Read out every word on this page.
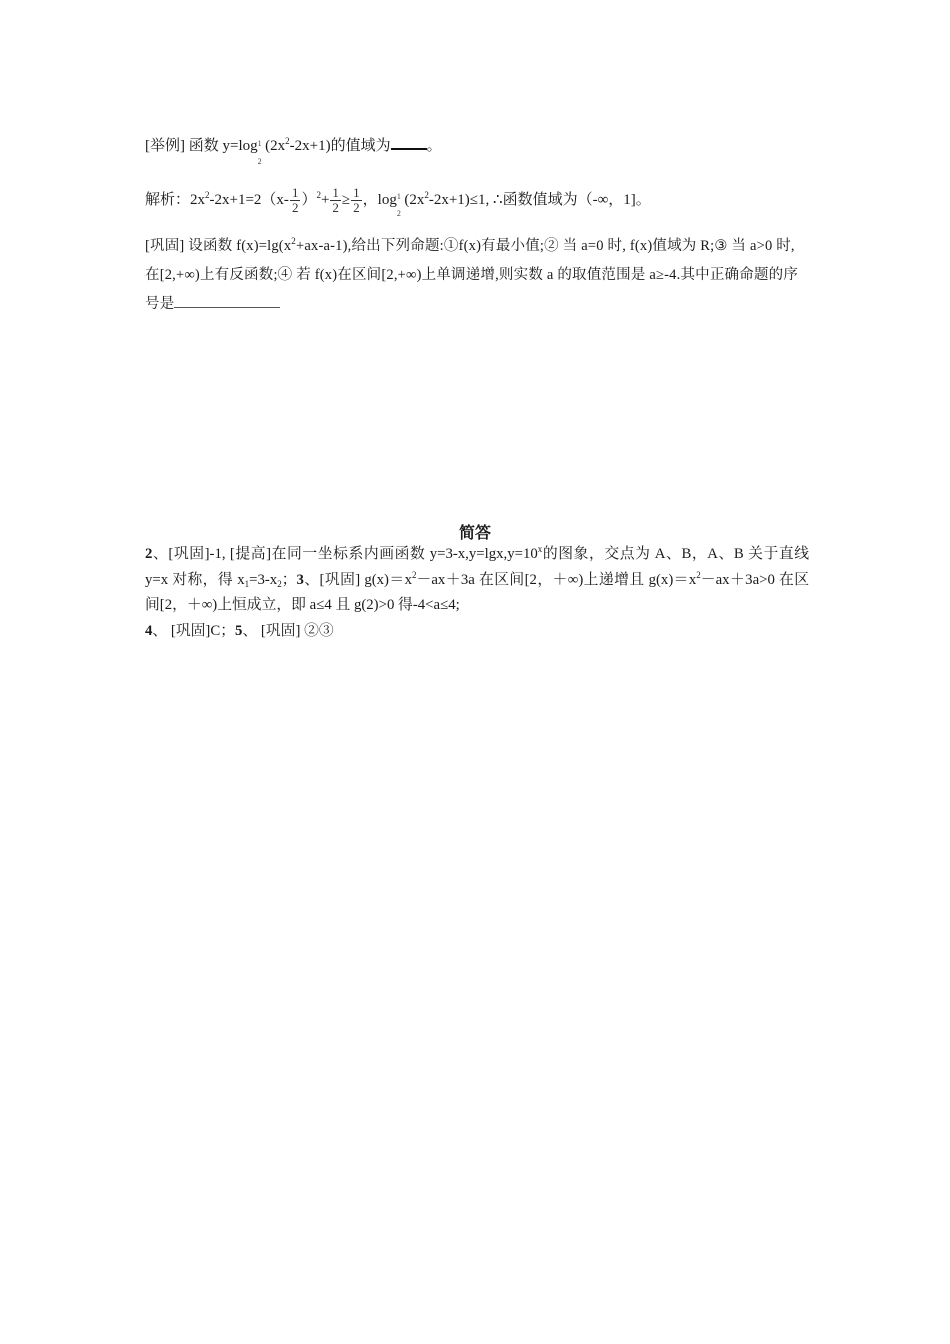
[举例] 函数 y=log 1
2
$(2x^2-2x+1)$的值域为 。
解析：$2x^2-2x+1=2(x- \frac{1}{2} )^2+ \frac{1}{2} \ge \frac{1}{2}$ ，log 1
2
$(2x^2-2x+1)\le 1$, ∴函数值域为（-∞，1]。
[巩固] 设函数 $f(x)=\lg(x^2+ax-a-1)$,给出下列命题:①f(x)有最小值;② 当 a=0 时, f(x)值域为 R;③ 当 a>0 时, 在[2,+∞)上有反函数;④ 若 f(x)在区间[2,+∞)上单调递增,则实数 a 的取值范围是 a≥-4.其中正确命题的序号是
简答
2、[巩固]-1, [提高]在同一坐标系内画函数 $y=3-x,y=\lg x,y=10^x$的图象，交点为 A、B，A、B 关于直线 y=x 对称，得 $x_1=3-x_2$；3、[巩固] $g(x)=x^2-ax+3a$ 在区间[2，＋∞)上递增且 $g(x)=x^2-ax+3a>0$ 在区间[2，＋∞)上恒成立，即 a≤4 且 g(2)>0 得-4<a≤4;
4、 [巩固]C；5、 [巩固] ②③
